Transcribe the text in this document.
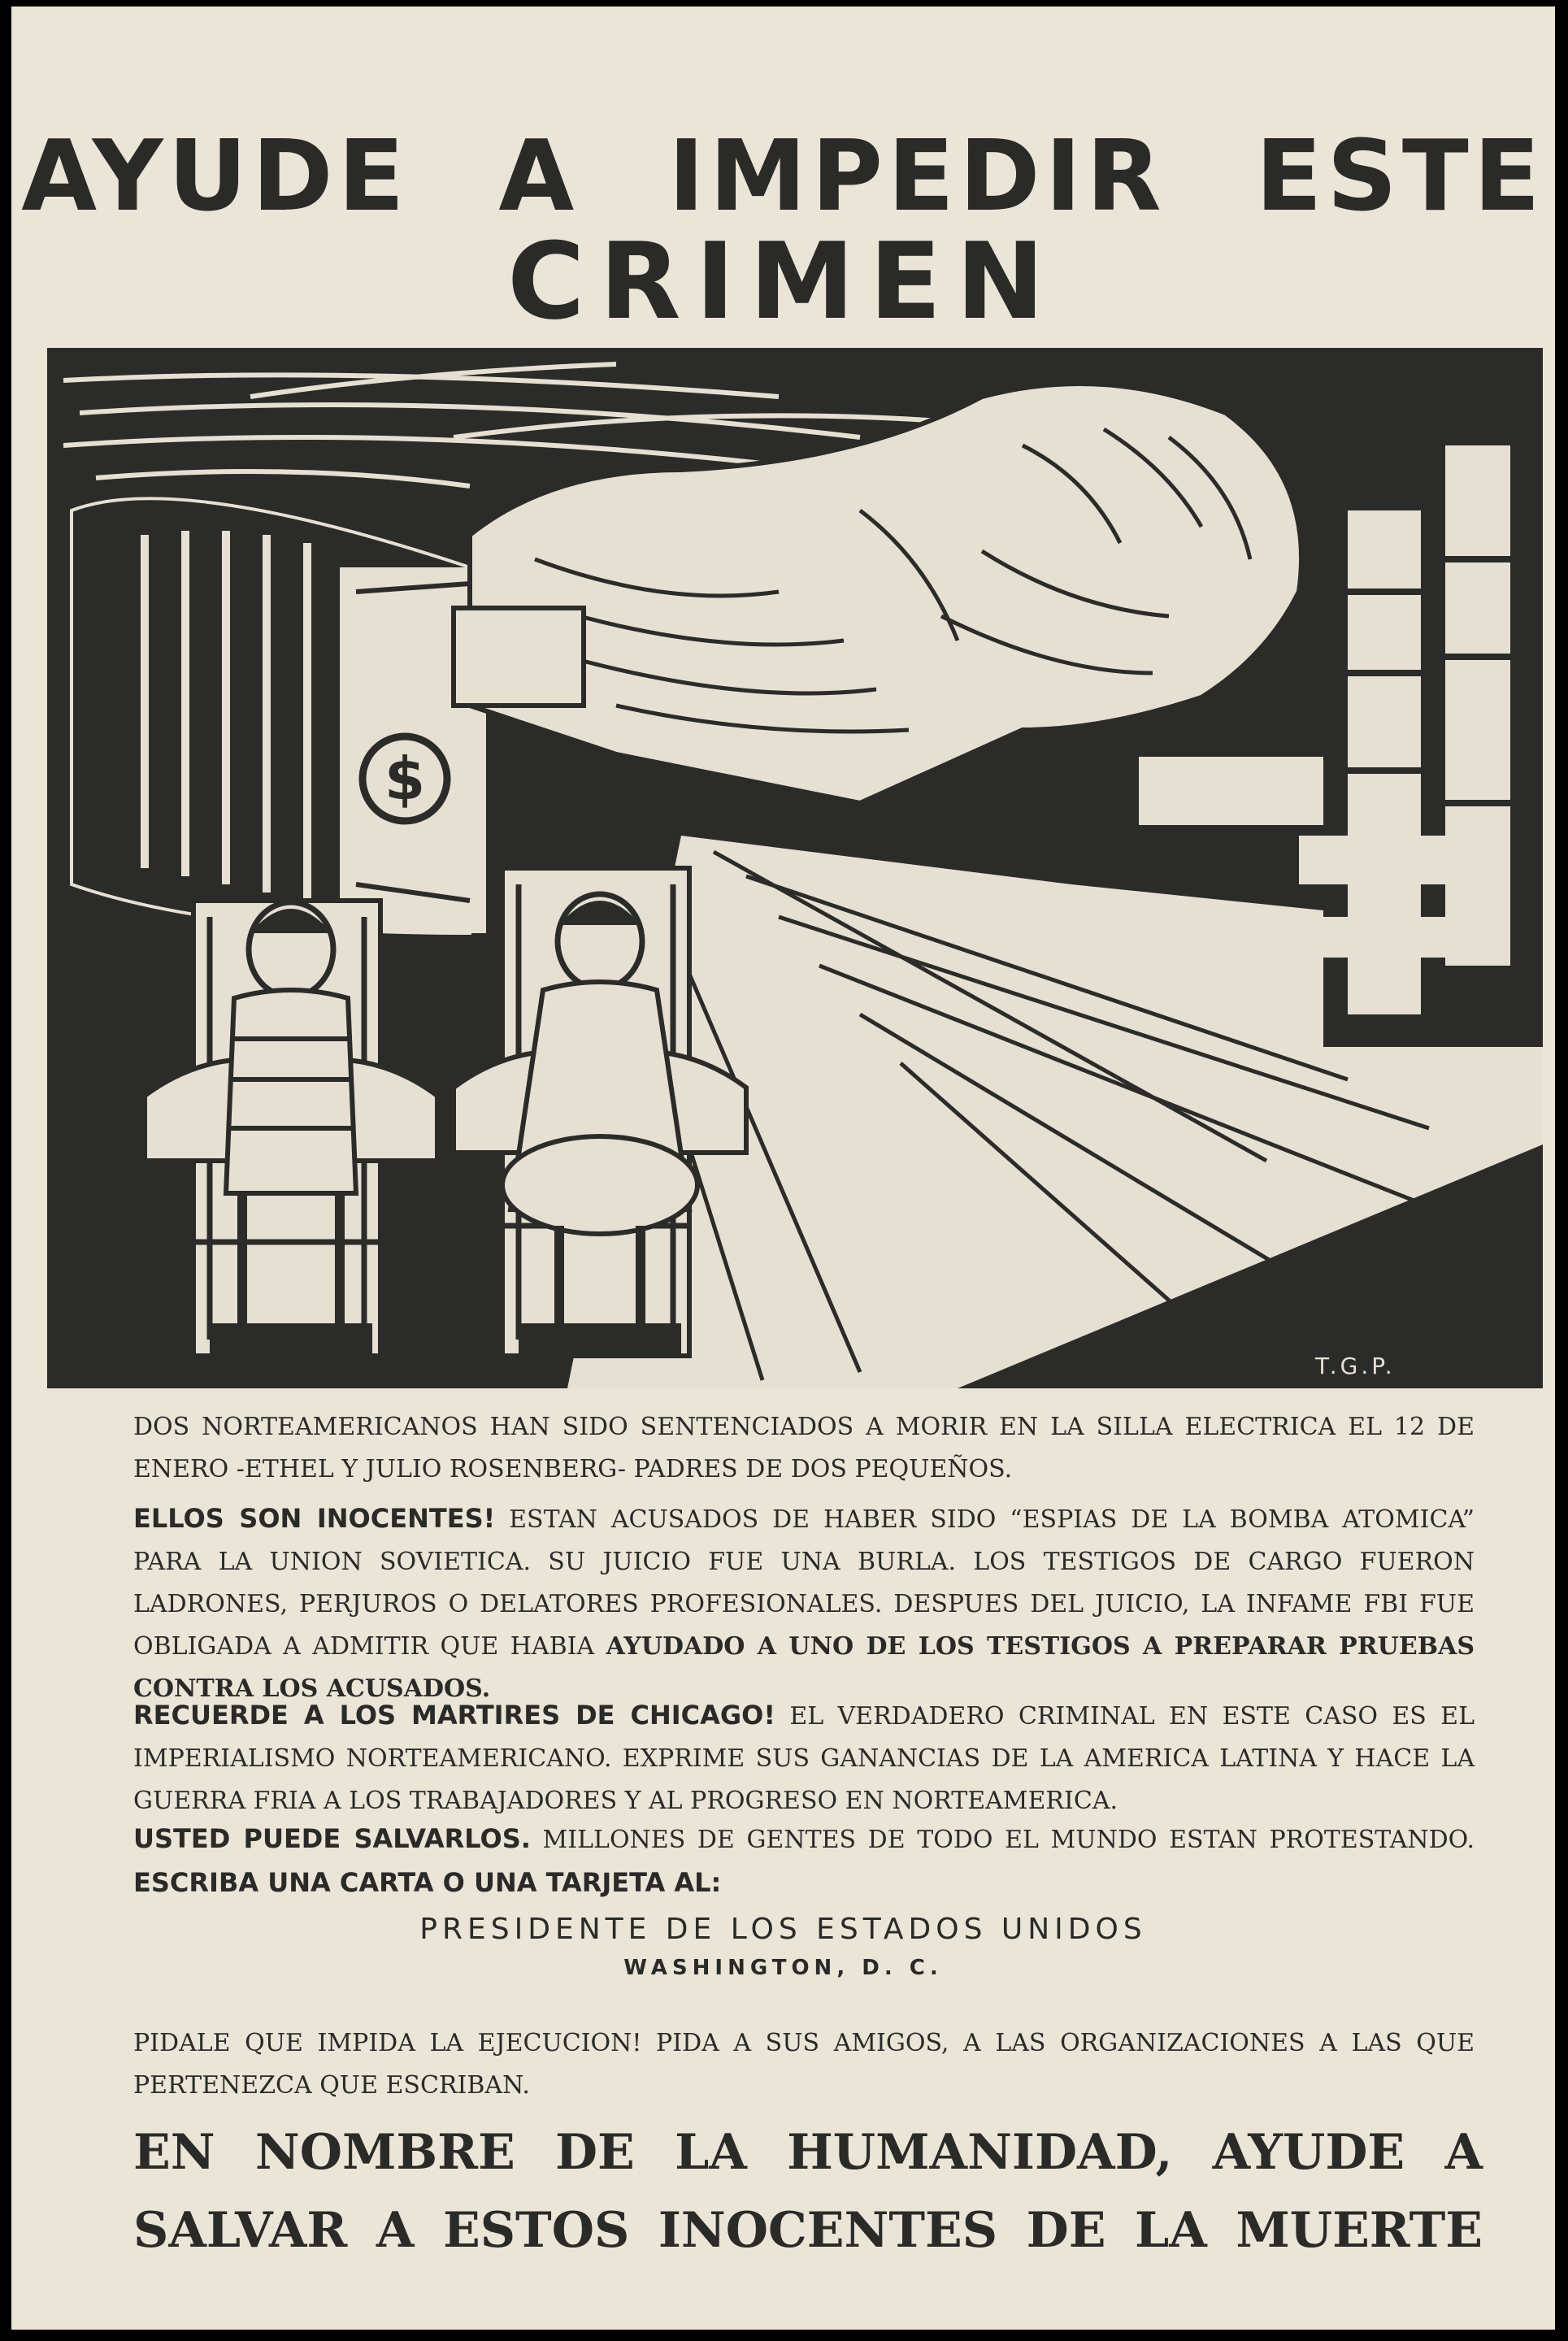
AYUDE A IMPEDIR ESTE
CRIMEN
$
T.G.P.
DOS NORTEAMERICANOS HAN SIDO SENTENCIADOS A MORIR EN LA SILLA ELECTRICA EL 12 DE ENERO -ETHEL Y JULIO ROSENBERG- PADRES DE DOS PEQUEÑOS.
ELLOS SON INOCENTES! ESTAN ACUSADOS DE HABER SIDO “ESPIAS DE LA BOMBA ATOMICA” PARA LA UNION SOVIETICA. SU JUICIO FUE UNA BURLA. LOS TESTIGOS DE CARGO FUERON LADRONES, PERJUROS O DELATORES PROFESIONALES. DESPUES DEL JUICIO, LA INFAME FBI FUE OBLIGADA A ADMITIR QUE HABIA AYUDADO A UNO DE LOS TESTIGOS A PREPARAR PRUEBAS CONTRA LOS ACUSADOS.
RECUERDE A LOS MARTIRES DE CHICAGO! EL VERDADERO CRIMINAL EN ESTE CASO ES EL IMPERIALISMO NORTEAMERICANO. EXPRIME SUS GANANCIAS DE LA AMERICA LATINA Y HACE LA GUERRA FRIA A LOS TRABAJADORES Y AL PROGRESO EN NORTEAMERICA.
USTED PUEDE SALVARLOS. MILLONES DE GENTES DE TODO EL MUNDO ESTAN PROTESTANDO. ESCRIBA UNA CARTA O UNA TARJETA AL:
PRESIDENTE DE LOS ESTADOS UNIDOS
WASHINGTON, D. C.
PIDALE QUE IMPIDA LA EJECUCION! PIDA A SUS AMIGOS, A LAS ORGANIZACIONES A LAS QUE PERTENEZCA QUE ESCRIBAN.
EN NOMBRE DE LA HUMANIDAD, AYUDE A
SALVAR A ESTOS INOCENTES DE LA MUERTE
